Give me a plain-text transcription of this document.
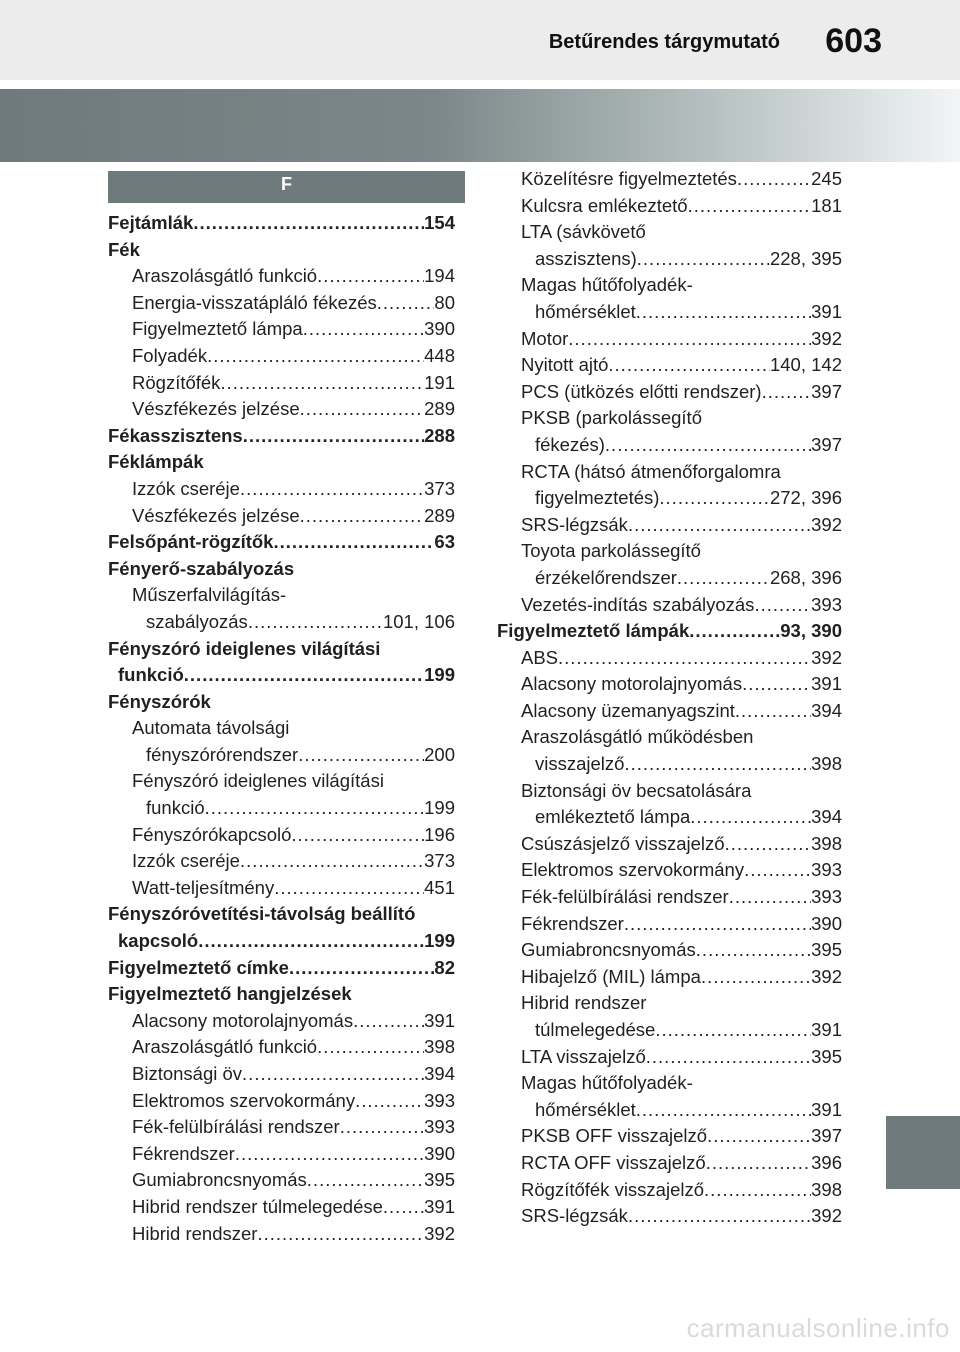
Betűrendes tárgymutató 603
F
Fejtámlák .....	154
Fék
Araszolásgátló funkció .....	194
Energia-visszatápláló fékezés .....	80
Figyelmeztető lámpa .....	390
Folyadék .....	448
Rögzítőfék .....	191
Vészfékezés jelzése .....	289
Fékasszisztens .....	288
Féklámpák
Izzók cseréje .....	373
Vészfékezés jelzése .....	289
Felsőpánt-rögzítők .....	63
Fényerő-szabályozás
Műszerfalvilágítás-
szabályozás .....	101, 106
Fényszóró ideiglenes világítási
funkció .....	199
Fényszórók
Automata távolsági
fényszórórendszer .....	200
Fényszóró ideiglenes világítási
funkció .....	199
Fényszórókapcsoló .....	196
Izzók cseréje .....	373
Watt-teljesítmény .....	451
Fényszóróvetítési-távolság beállító
kapcsoló .....	199
Figyelmeztető címke .....	82
Figyelmeztető hangjelzések
Alacsony motorolajnyomás .....	391
Araszolásgátló funkció .....	398
Biztonsági öv .....	394
Elektromos szervokormány .....	393
Fék-felülbírálási rendszer .....	393
Fékrendszer .....	390
Gumiabroncsnyomás .....	395
Hibrid rendszer túlmelegedése ..... 391
Hibrid rendszer .....	392
Közelítésre figyelmeztetés .....	245
Kulcsra emlékeztető .....	181
LTA (sávkövető
asszisztens) .....	228, 395
Magas hűtőfolyadék-
hőmérséklet .....	391
Motor .....	392
Nyitott ajtó .....	140, 142
PCS (ütközés előtti rendszer) .....	397
PKSB (parkolássegítő
fékezés) .....	397
RCTA (hátsó átmenőforgalomra
figyelmeztetés) .....	272, 396
SRS-légzsák .....	392
Toyota parkolássegítő
érzékelőrendszer .....	268, 396
Vezetés-indítás szabályozás .....	393
Figyelmeztető lámpák .....	93, 390
ABS .....	392
Alacsony motorolajnyomás .....	391
Alacsony üzemanyagszint .....	394
Araszolásgátló működésben
visszajelző .....	398
Biztonsági öv becsatolására
emlékeztető lámpa .....	394
Csúszásjelző visszajelző .....	398
Elektromos szervokormány .....	393
Fék-felülbírálási rendszer .....	393
Fékrendszer .....	390
Gumiabroncsnyomás .....	395
Hibajelző (MIL) lámpa .....	392
Hibrid rendszer
túlmelegedése .....	391
LTA visszajelző .....	395
Magas hűtőfolyadék-
hőmérséklet .....	391
PKSB OFF visszajelző .....	397
RCTA OFF visszajelző .....	396
Rögzítőfék visszajelző .....	398
SRS-légzsák .....	392
carmanualsonline.info
